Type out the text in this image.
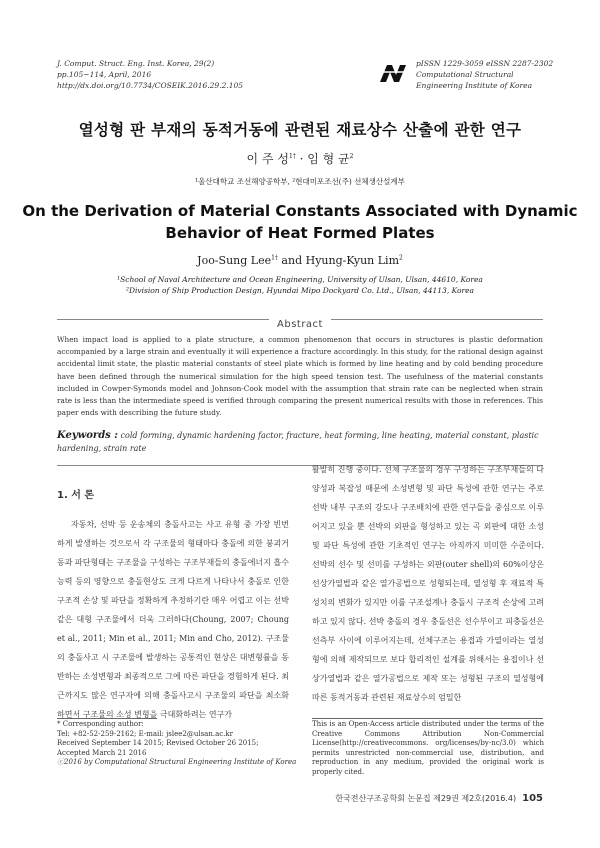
J. Comput. Struct. Eng. Inst. Korea, 29(2)
pp.105~114, April, 2016
http://dx.doi.org/10.7734/COSEIK.2016.29.2.105
pISSN 1229-3059 eISSN 2287-2302
Computational Structural
Engineering Institute of Korea
열성형 판 부재의 동적거동에 관련된 재료상수 산출에 관한 연구
이 주 성$^{1\dagger}$ · 임 형 균$^2$
¹울산대학교 조선해양공학부, ²현대미포조선(주) 선체생산설계부
On the Derivation of Material Constants Associated with Dynamic
Behavior of Heat Formed Plates
Joo-Sung Lee$^{1\dagger}$ and Hyung-Kyun Lim$^2$
¹School of Naval Architecture and Ocean Engineering, University of Ulsan, Ulsan, 44610, Korea
²Division of Ship Production Design, Hyundai Mipo Dockyard Co. Ltd., Ulsan, 44113, Korea
Abstract
When impact load is applied to a plate structure, a common phenomenon that occurs in structures is plastic deformation accompanied by a large strain and eventually it will experience a fracture accordingly. In this study, for the rational design against accidental limit state, the plastic material constants of steel plate which is formed by line heating and by cold bending procedure have been defined through the numerical simulation for the high speed tension test. The usefulness of the material constants included in Cowper-Symonds model and Johnson-Cook model with the assumption that strain rate can be neglected when strain rate is less than the intermediate speed is verified through comparing the present numerical results with those in references. This paper ends with describing the future study.
Keywords : cold forming, dynamic hardening factor, fracture, heat forming, line heating, material constant, plastic hardening, strain rate
1. 서 론
자동차, 선박 등 운송체의 충돌사고는 사고 유형 중 가장 빈번하게 발생하는 것으로서 각 구조물의 형태마다 충돌에 의한 붕괴거동과 파단형태는 구조물을 구성하는 구조부재들의 충돌에너지 흡수 능력 등의 영향으로 충돌현상도 크게 다르게 나타나서 충돌로 인한 구조적 손상 및 파단을 정확하게 추정하기란 매우 어렵고 이는 선박 같은 대형 구조물에서 더욱 그러하다(Choung, 2007; Choung et al., 2011; Min et al., 2011; Min and Cho, 2012). 구조물의 충돌사고 시 구조물에 발생하는 공통적인 현상은 대변형률을 동반하는 소성변형과 최종적으로 그에 따른 파단을 경험하게 된다. 최근까지도 많은 연구자에 의해 충돌사고시 구조물의 파단을 최소화하면서 구조물의 소성 변형을 극대화하려는 연구가
활발히 진행 중이다. 선체 구조물의 경우 구성하는 구조부재들의 다양성과 복잡성 때문에 소성변형 및 파단 특성에 관한 연구는 주로 선박 내부 구조의 강도나 구조배치에 관한 연구들을 중심으로 이루어지고 있을 뿐 선박의 외판을 형성하고 있는 곡 외판에 대한 소성 및 파단 특성에 관한 기초적인 연구는 아직까지 미미한 수준이다. 선박의 선수 및 선미를 구성하는 외판(outer shell)의 60%이상은 선상가열법과 같은 열가공법으로 성형되는데, 열성형 후 재료적 특성치의 변화가 있지만 이를 구조설계나 충돌시 구조적 손상에 고려하고 있지 않다. 선박 충돌의 경우 충돌선은 선수부이고 피충돌선은 선측부 사이에 이루어지는데, 선체구조는 용접과 가열이라는 열성형에 의해 제작되므로 보다 합리적인 설계를 위해서는 용접이나 선상가열법과 같은 열가공법으로 제작 또는 성형된 구조의 열성형에 따른 동적거동과 관련된 재료상수의 엄밀한
* Corresponding author:
Tel: +82-52-259-2162; E-mail: jslee2@ulsan.ac.kr
Received September 14 2015; Revised October 26 2015;
Accepted March 21 2016
ⓒ2016 by Computational Structural Engineering Institute of Korea
This is an Open-Access article distributed under the terms of the Creative Commons Attribution Non-Commercial License(http://creativecommons. org/licenses/by-nc/3.0) which permits unrestricted non-commercial use, distribution, and reproduction in any medium, provided the original work is properly cited.
한국전산구조공학회 논문집 제29권 제2호(2016.4) 105
